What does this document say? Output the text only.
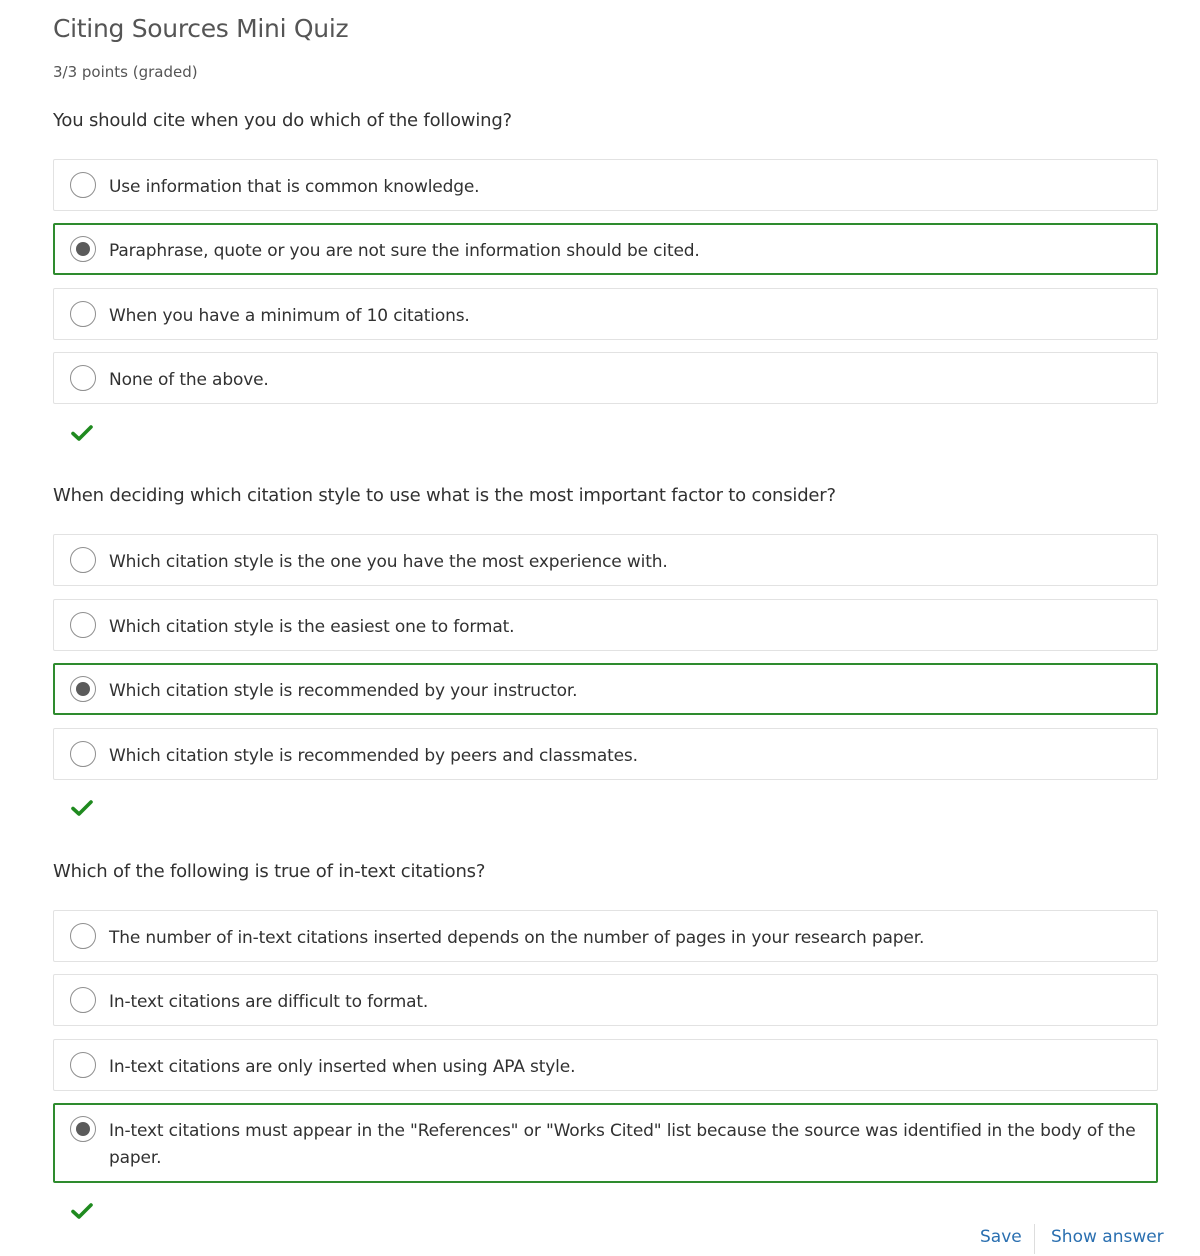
Citing Sources Mini Quiz
3/3 points (graded)
You should cite when you do which of the following?
Use information that is common knowledge.
Paraphrase, quote or you are not sure the information should be cited.
When you have a minimum of 10 citations.
None of the above.
When deciding which citation style to use what is the most important factor to consider?
Which citation style is the one you have the most experience with.
Which citation style is the easiest one to format.
Which citation style is recommended by your instructor.
Which citation style is recommended by peers and classmates.
Which of the following is true of in-text citations?
The number of in-text citations inserted depends on the number of pages in your research paper.
In-text citations are difficult to format.
In-text citations are only inserted when using APA style.
In-text citations must appear in the "References" or "Works Cited" list because the source was identified in the body of the paper.
Save Show answer
